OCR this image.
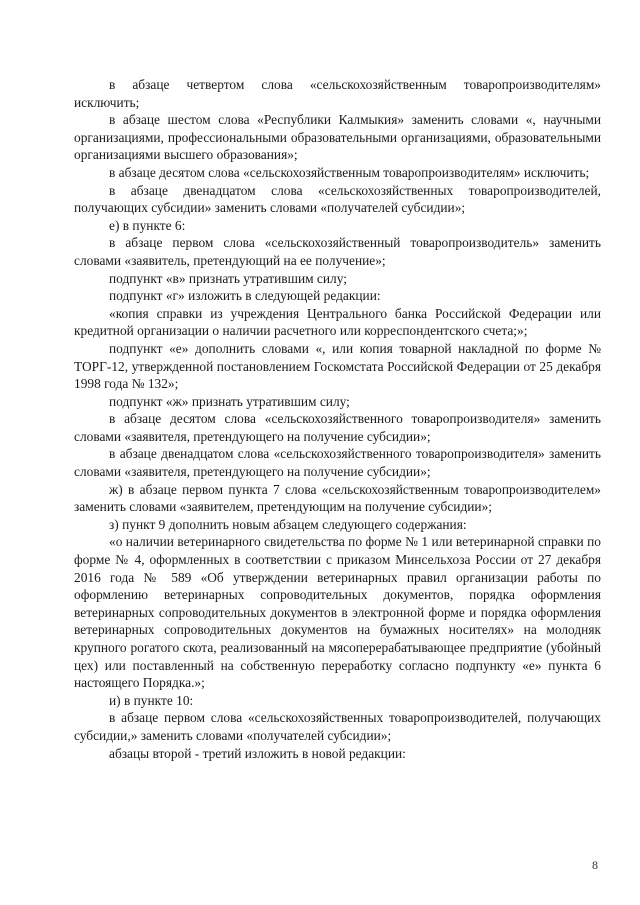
в абзаце четвертом слова «сельскохозяйственным товаропроизводителям» исключить;

в абзаце шестом слова «Республики Калмыкия» заменить словами «, научными организациями, профессиональными образовательными организациями, образовательными организациями высшего образования»;

в абзаце десятом слова «сельскохозяйственным товаропроизводителям» исключить;

в абзаце двенадцатом слова «сельскохозяйственных товаропроизводителей, получающих субсидии» заменить словами «получателей субсидии»;

е) в пункте 6:

в абзаце первом слова «сельскохозяйственный товаропроизводитель» заменить словами «заявитель, претендующий на ее получение»;

подпункт «в» признать утратившим силу;

подпункт «г» изложить в следующей редакции:

«копия справки из учреждения Центрального банка Российской Федерации или кредитной организации о наличии расчетного или корреспондентского счета;»;

подпункт «е» дополнить словами «, или копия товарной накладной по форме № ТОРГ-12, утвержденной постановлением Госкомстата Российской Федерации от 25 декабря 1998 года № 132»;

подпункт «ж» признать утратившим силу;

в абзаце десятом слова «сельскохозяйственного товаропроизводителя» заменить словами «заявителя, претендующего на получение субсидии»;

в абзаце двенадцатом слова «сельскохозяйственного товаропроизводителя» заменить словами «заявителя, претендующего на получение субсидии»;

ж) в абзаце первом пункта 7 слова «сельскохозяйственным товаропроизводителем» заменить словами «заявителем, претендующим на получение субсидии»;

з) пункт 9 дополнить новым абзацем следующего содержания:

«о наличии ветеринарного свидетельства по форме № 1 или ветеринарной справки по форме № 4, оформленных в соответствии с приказом Минсельхоза России от 27 декабря 2016 года № 589 «Об утверждении ветеринарных правил организации работы по оформлению ветеринарных сопроводительных документов, порядка оформления ветеринарных сопроводительных документов в электронной форме и порядка оформления ветеринарных сопроводительных документов на бумажных носителях» на молодняк крупного рогатого скота, реализованный на мясоперерабатывающее предприятие (убойный цех) или поставленный на собственную переработку согласно подпункту «е» пункта 6 настоящего Порядка.»;

и) в пункте 10:

в абзаце первом слова «сельскохозяйственных товаропроизводителей, получающих субсидии,» заменить словами «получателей субсидии»;

абзацы второй - третий изложить в новой редакции:

8
